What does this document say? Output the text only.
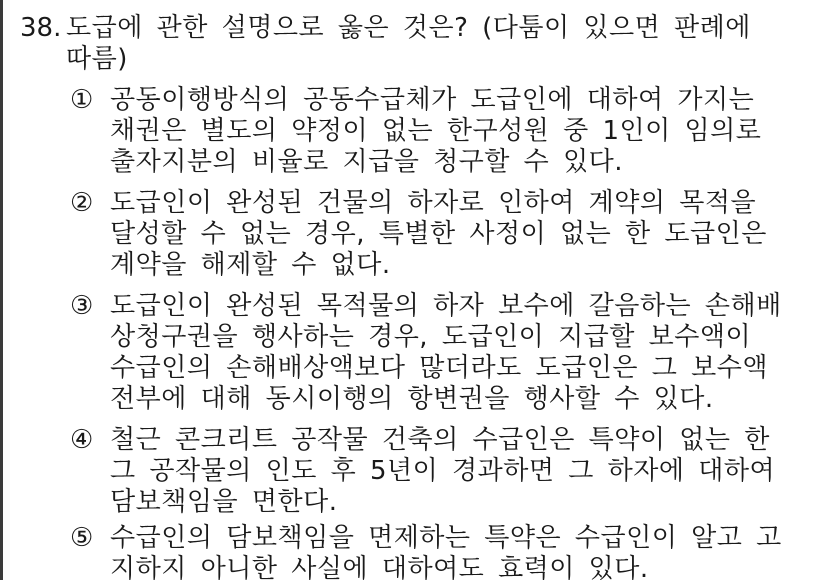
38. 도급에 관한 설명으로 옳은 것은? (다툼이 있으면 판례에
따름)
① 공동이행방식의 공동수급체가 도급인에 대하여 가지는
채권은 별도의 약정이 없는 한구성원 중 1인이 임의로
출자지분의 비율로 지급을 청구할 수 있다.
② 도급인이 완성된 건물의 하자로 인하여 계약의 목적을
달성할 수 없는 경우, 특별한 사정이 없는 한 도급인은
계약을 해제할 수 없다.
③ 도급인이 완성된 목적물의 하자 보수에 갈음하는 손해배
상청구권을 행사하는 경우, 도급인이 지급할 보수액이
수급인의 손해배상액보다 많더라도 도급인은 그 보수액
전부에 대해 동시이행의 항변권을 행사할 수 있다.
④ 철근 콘크리트 공작물 건축의 수급인은 특약이 없는 한
그 공작물의 인도 후 5년이 경과하면 그 하자에 대하여
담보책임을 면한다.
⑤ 수급인의 담보책임을 면제하는 특약은 수급인이 알고 고
지하지 아니한 사실에 대하여도 효력이 있다.
